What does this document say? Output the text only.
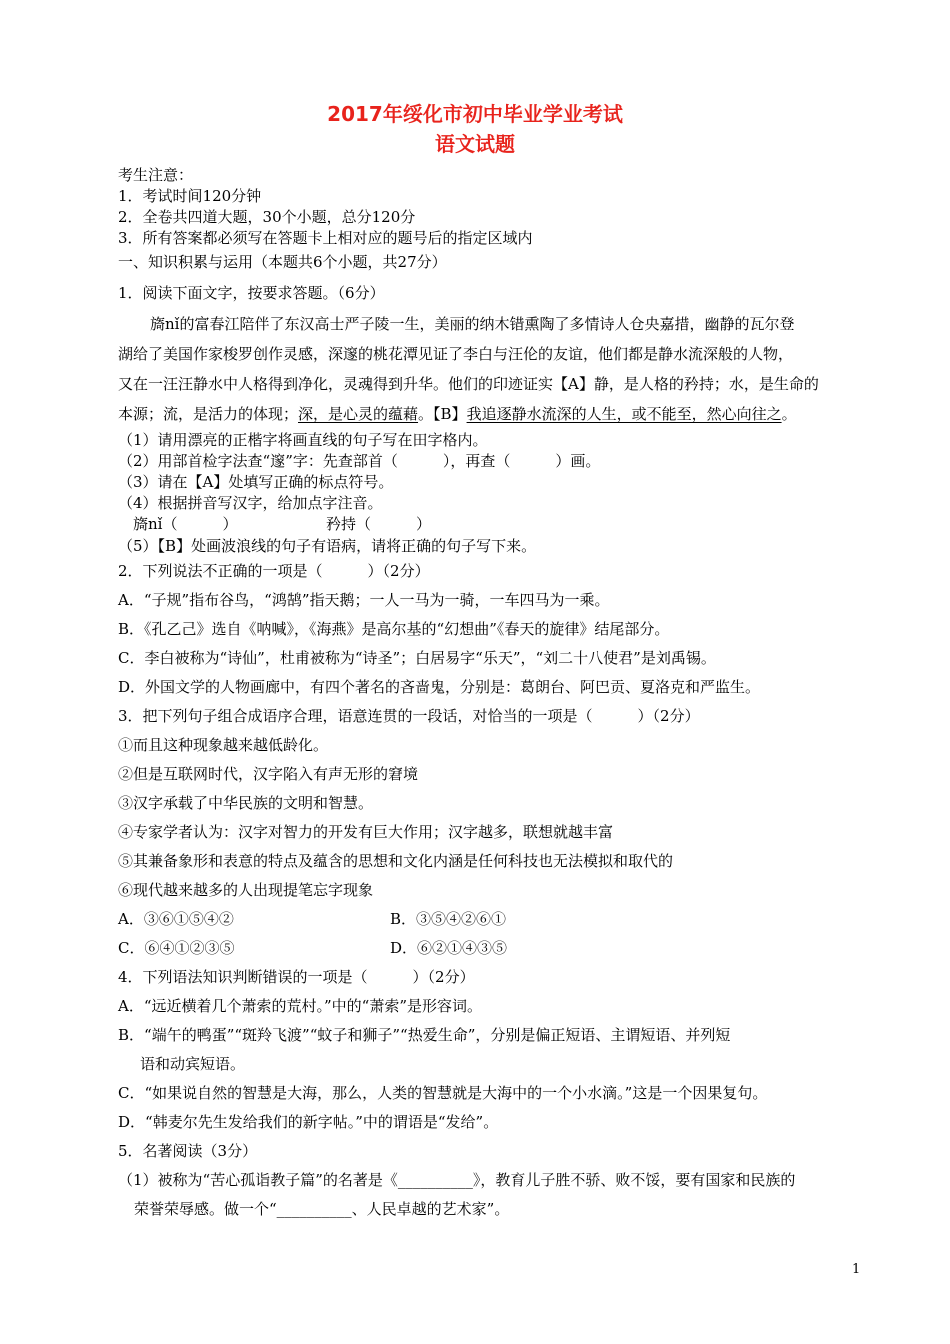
2017年绥化市初中毕业学业考试
语文试题
考生注意：
1．考试时间120分钟
2．全卷共四道大题，30个小题，总分120分
3．所有答案都必须写在答题卡上相对应的题号后的指定区域内
一、知识积累与运用（本题共6个小题，共27分）
1．阅读下面文字，按要求答题。（6分）
旖nǐ的富春江陪伴了东汉高士严子陵一生，美丽的纳木错熏陶了多情诗人仓央嘉措，幽静的瓦尔登
湖给了美国作家梭罗创作灵感，深邃的桃花潭见证了李白与汪伦的友谊，他们都是静水流深般的人物，
又在一汪汪静水中人格得到净化，灵魂得到升华。他们的印迹证实【A】静，是人格的矜持；水，是生命的
本源；流，是活力的体现；深，是心灵的蕴藉。【B】我追逐静水流深的人生，或不能至，然心向往之。
（1）请用漂亮的正楷字将画直线的句子写在田字格内。
（2）用部首检字法查“邃”字：先查部首（　　　），再查（　　　）画。
（3）请在【A】处填写正确的标点符号。
（4）根据拼音写汉字，给加点字注音。
旖nǐ（　　　）	矜持（　　　）
（5）【B】处画波浪线的句子有语病，请将正确的句子写下来。
2．下列说法不正确的一项是（　　　）（2分）
A．“子规”指布谷鸟，“鸿鹄”指天鹅；一人一马为一骑，一车四马为一乘。
B．《孔乙己》选自《呐喊》，《海燕》是高尔基的“幻想曲”《春天的旋律》结尾部分。
C．李白被称为“诗仙”，杜甫被称为“诗圣”；白居易字“乐天”，“刘二十八使君”是刘禹锡。
D．外国文学的人物画廊中，有四个著名的吝啬鬼，分别是：葛朗台、阿巴贡、夏洛克和严监生。
3．把下列句子组合成语序合理，语意连贯的一段话，对恰当的一项是（　　　）（2分）
①而且这种现象越来越低龄化。
②但是互联网时代，汉字陷入有声无形的窘境
③汉字承载了中华民族的文明和智慧。
④专家学者认为：汉字对智力的开发有巨大作用；汉字越多，联想就越丰富
⑤其兼备象形和表意的特点及蕴含的思想和文化内涵是任何科技也无法模拟和取代的
⑥现代越来越多的人出现提笔忘字现象
A．③⑥①⑤④②	B．③⑤④②⑥①
C．⑥④①②③⑤	D．⑥②①④③⑤
4．下列语法知识判断错误的一项是（　　　）（2分）
A．“远近横着几个萧索的荒村。”中的“萧索”是形容词。
B．“端午的鸭蛋”“斑羚飞渡”“蚊子和狮子”“热爱生命”，分别是偏正短语、主谓短语、并列短
语和动宾短语。
C．“如果说自然的智慧是大海，那么，人类的智慧就是大海中的一个小水滴。”这是一个因果复句。
D．“韩麦尔先生发给我们的新字帖。”中的谓语是“发给”。
5．名著阅读（3分）
（1）被称为“苦心孤诣教子篇”的名著是《__________》，教育儿子胜不骄、败不馁，要有国家和民族的
荣誉荣辱感。做一个“__________、人民卓越的艺术家”。
1
